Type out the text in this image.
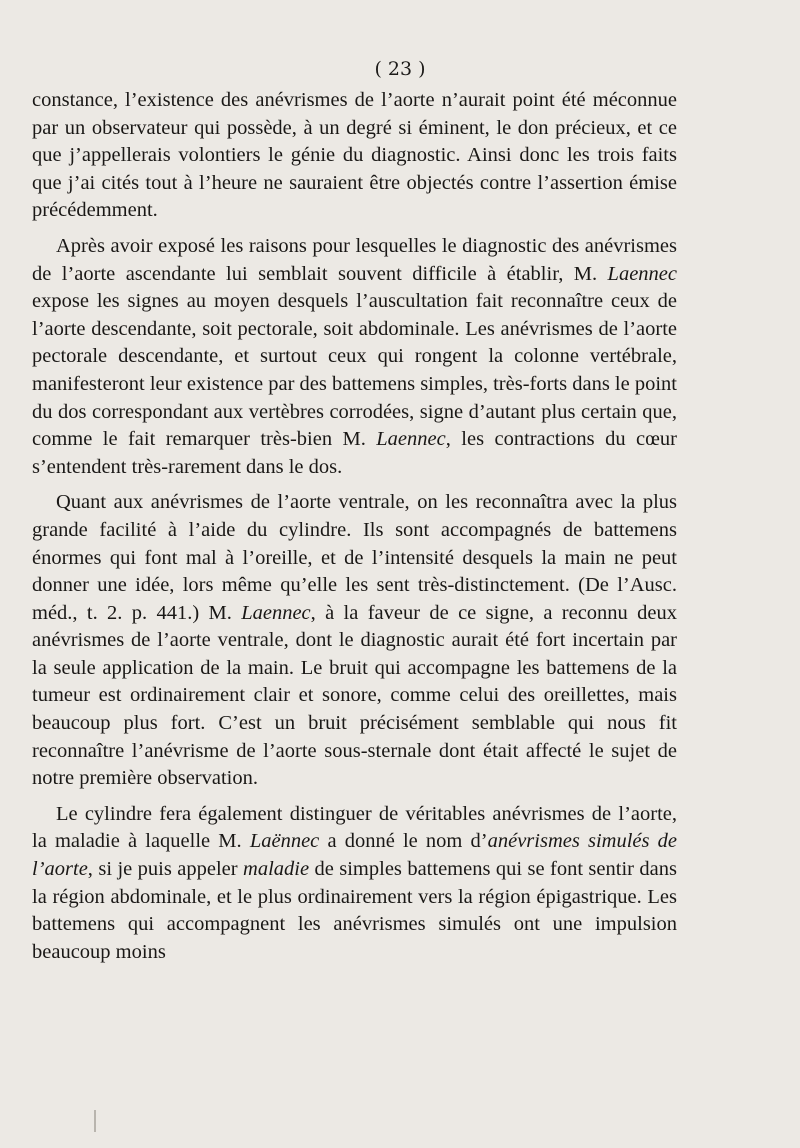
( 23 )

constance, l’existence des anévrismes de l’aorte n’aurait point été méconnue par un observateur qui possède, à un degré si éminent, le don précieux, et ce que j’appellerais volontiers le génie du diagnostic. Ainsi donc les trois faits que j’ai cités tout à l’heure ne sauraient être objectés contre l’assertion émise précédemment.

Après avoir exposé les raisons pour lesquelles le diagnostic des anévrismes de l’aorte ascendante lui semblait souvent difficile à établir, M. Laennec expose les signes au moyen desquels l’auscultation fait reconnaître ceux de l’aorte descendante, soit pectorale, soit abdominale. Les anévrismes de l’aorte pectorale descendante, et surtout ceux qui rongent la colonne vertébrale, manifesteront leur existence par des battemens simples, très-forts dans le point du dos correspondant aux vertèbres corrodées, signe d’autant plus certain que, comme le fait remarquer très-bien M. Laennec, les contractions du cœur s’entendent très-rarement dans le dos.

Quant aux anévrismes de l’aorte ventrale, on les reconnaîtra avec la plus grande facilité à l’aide du cylindre. Ils sont accompagnés de battemens énormes qui font mal à l’oreille, et de l’intensité desquels la main ne peut donner une idée, lors même qu’elle les sent très-distinctement. (De l’Ausc. méd., t. 2. p. 441.) M. Laennec, à la faveur de ce signe, a reconnu deux anévrismes de l’aorte ventrale, dont le diagnostic aurait été fort incertain par la seule application de la main. Le bruit qui accompagne les battemens de la tumeur est ordinairement clair et sonore, comme celui des oreillettes, mais beaucoup plus fort. C’est un bruit précisément semblable qui nous fit reconnaître l’anévrisme de l’aorte sous-sternale dont était affecté le sujet de notre première observation.

Le cylindre fera également distinguer de véritables anévrismes de l’aorte, la maladie à laquelle M. Laënnec a donné le nom d’anévrismes simulés de l’aorte, si je puis appeler maladie de simples battemens qui se font sentir dans la région abdominale, et le plus ordinairement vers la région épigastrique. Les battemens qui accompagnent les anévrismes simulés ont une impulsion beaucoup moins
